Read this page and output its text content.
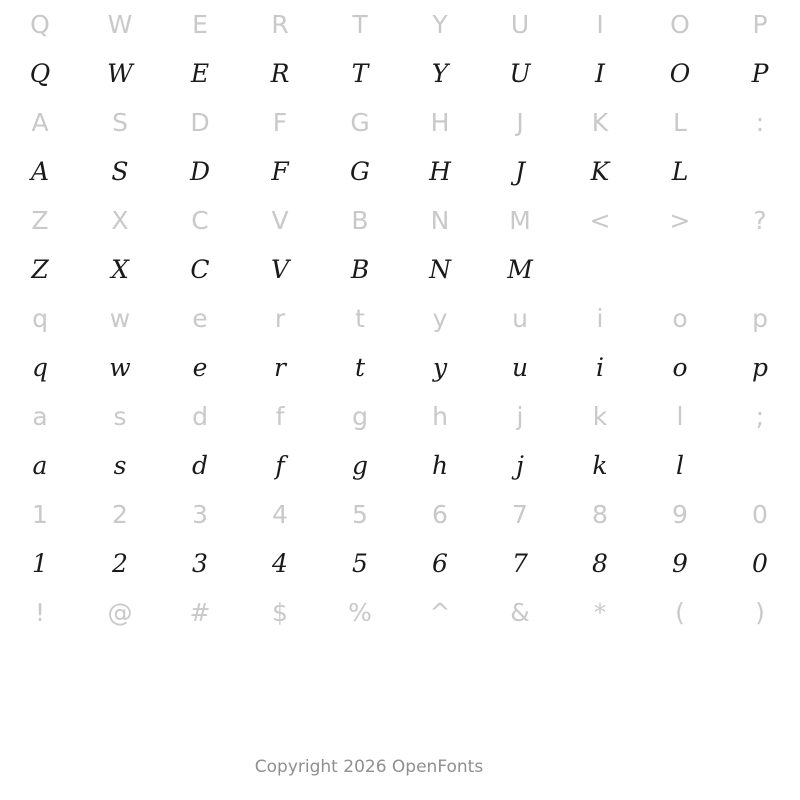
Q	W	E	R	T	Y	U	I	O	P
Q	W	E	R	T	Y	U	I	O	P
A	S	D	F	G	H	J	K	L	:
A	S	D	F	G	H	J	K	L
Z	X	C	V	B	N	M	<	>	?
Z	X	C	V	B	N	M
q	w	e	r	t	y	u	i	o	p
q	w	e	r	t	y	u	i	o	p
a	s	d	f	g	h	j	k	l	;
a	s	d	f	g	h	j	k	l
1	2	3	4	5	6	7	8	9	0
1	2	3	4	5	6	7	8	9	0
!	@	#	$	%	^	&	*	(	)
Copyright 2026 OpenFonts
